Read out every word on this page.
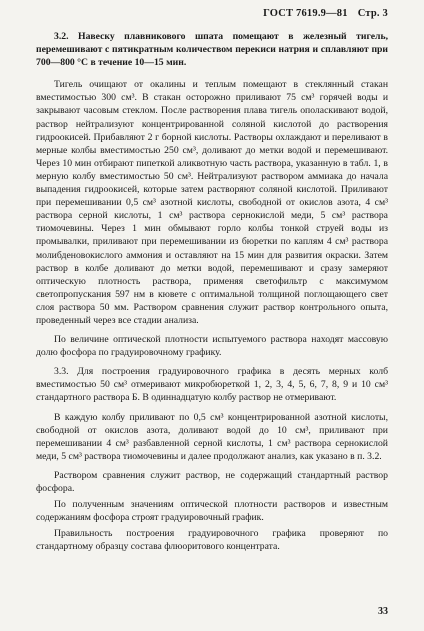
ГОСТ 7619.9—81 Стр. 3

3.2. Навеску плавникового шпата помещают в железный тигель, перемешивают с пятикратным количеством перекиси натрия и сплавляют при 700—800 °С в течение 10—15 мин.

Тигель очищают от окалины и теплым помещают в стеклянный стакан вместимостью 300 см³. В стакан осторожно приливают 75 см³ горячей воды и закрывают часовым стеклом. После растворения плава тигель ополаскивают водой, раствор нейтрализуют концентрированной соляной кислотой до растворения гидроокисей. Прибавляют 2 г борной кислоты. Растворы охлаждают и переливают в мерные колбы вместимостью 250 см³, доливают до метки водой и перемешивают. Через 10 мин отбирают пипеткой аликвотную часть раствора, указанную в табл. 1, в мерную колбу вместимостью 50 см³. Нейтрализуют раствором аммиака до начала выпадения гидроокисей, которые затем растворяют соляной кислотой. Приливают при перемешивании 0,5 см³ азотной кислоты, свободной от окислов азота, 4 см³ раствора серной кислоты, 1 см³ раствора сернокислой меди, 5 см³ раствора тиомочевины. Через 1 мин обмывают горло колбы тонкой струей воды из промывалки, приливают при перемешивании из бюретки по каплям 4 см³ раствора молибденовокислого аммония и оставляют на 15 мин для развития окраски. Затем раствор в колбе доливают до метки водой, перемешивают и сразу замеряют оптическую плотность раствора, применяя светофильтр с максимумом светопропускания 597 нм в кювете с оптимальной толщиной поглощающего свет слоя раствора 50 мм. Раствором сравнения служит раствор контрольного опыта, проведенный через все стадии анализа.

По величине оптической плотности испытуемого раствора находят массовую долю фосфора по градуировочному графику.

3.3. Для построения градуировочного графика в десять мерных колб вместимостью 50 см³ отмеривают микробюреткой 1, 2, 3, 4, 5, 6, 7, 8, 9 и 10 см³ стандартного раствора Б. В одиннадцатую колбу раствор не отмеривают.

В каждую колбу приливают по 0,5 см³ концентрированной азотной кислоты, свободной от окислов азота, доливают водой до 10 см³, приливают при перемешивании 4 см³ разбавленной серной кислоты, 1 см³ раствора сернокислой меди, 5 см³ раствора тиомочевины и далее продолжают анализ, как указано в п. 3.2.

Раствором сравнения служит раствор, не содержащий стандартный раствор фосфора.

По полученным значениям оптической плотности растворов и известным содержаниям фосфора строят градуировочный график.

Правильность построения градуировочного графика проверяют по стандартному образцу состава флюоритового концентрата.

33
